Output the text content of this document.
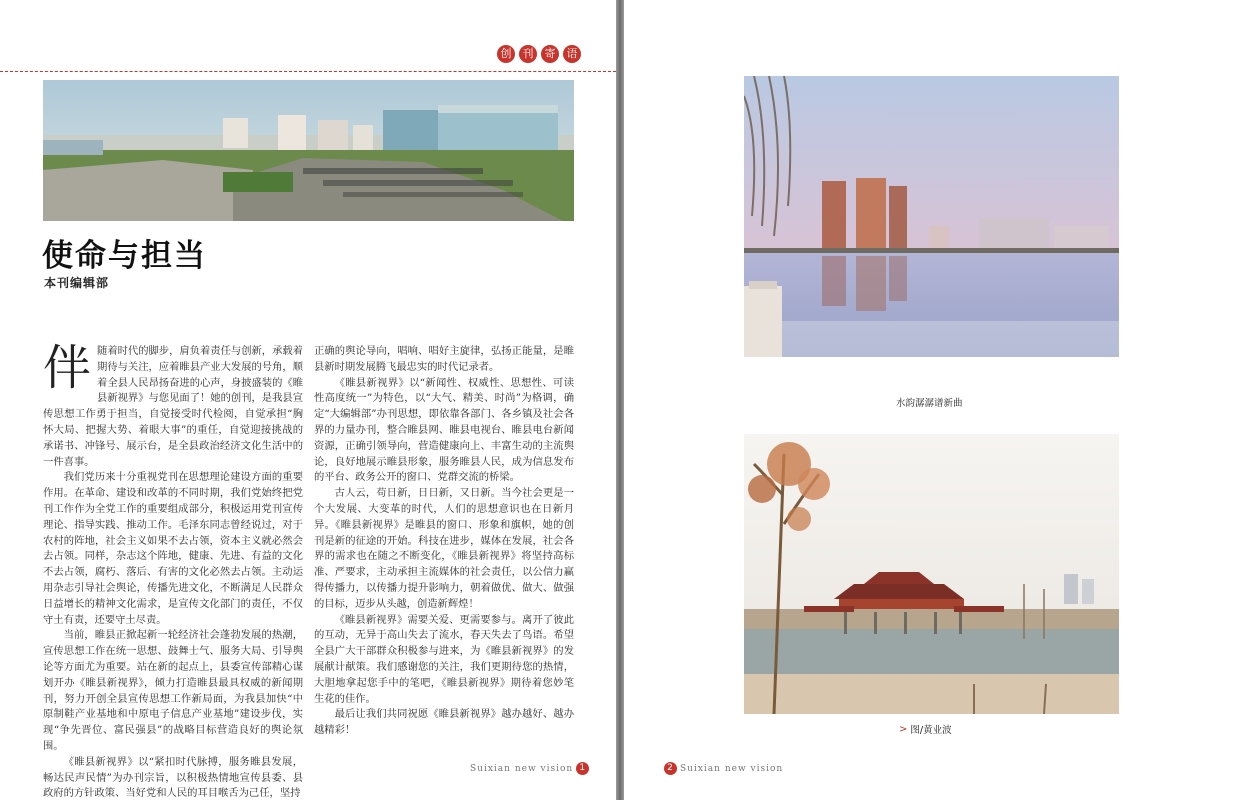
创	刊	寄	语
使命与担当
本刊编辑部
伴 随着时代的脚步，肩负着责任与创新，承载着期待与关注，应着睢县产业大发展的号角，顺着全县人民昂扬奋进的心声，身披盛装的《睢县新视界》与您见面了！她的创刊，是我县宣传思想工作勇于担当，自觉接受时代检阅，自觉承担“胸怀大局、把握大势、着眼大事”的重任，自觉迎接挑战的承诺书、冲锋号、展示台，是全县政治经济文化生活中的一件喜事。

我们党历来十分重视党刊在思想理论建设方面的重要作用。在革命、建设和改革的不同时期，我们党始终把党刊工作作为全党工作的重要组成部分，积极运用党刊宣传理论、指导实践、推动工作。毛泽东同志曾经说过，对于农村的阵地，社会主义如果不去占领，资本主义就必然会去占领。同样，杂志这个阵地，健康、先进、有益的文化不去占领，腐朽、落后、有害的文化必然去占领。主动运用杂志引导社会舆论，传播先进文化，不断满足人民群众日益增长的精神文化需求，是宣传文化部门的责任，不仅守土有责，还要守土尽责。

当前，睢县正掀起新一轮经济社会蓬勃发展的热潮，宣传思想工作在统一思想、鼓舞士气、服务大局、引导舆论等方面尤为重要。站在新的起点上，县委宣传部精心谋划开办《睢县新视界》，倾力打造睢县最具权威的新闻期刊，努力开创全县宣传思想工作新局面，为我县加快“中原制鞋产业基地和中原电子信息产业基地”建设步伐，实现“争先晋位、富民强县”的战略目标营造良好的舆论氛围。

《睢县新视界》以“紧扣时代脉搏，服务睢县发展，畅达民声民情”为办刊宗旨，以积极热情地宣传县委、县政府的方针政策、当好党和人民的耳目喉舌为己任，坚持

正确的舆论导向，唱响、唱好主旋律，弘扬正能量，是睢县新时期发展腾飞最忠实的时代记录者。

《睢县新视界》以“新闻性、权威性、思想性、可读性高度统一”为特色，以“大气、精美、时尚”为格调，确定“大编辑部”办刊思想，即依靠各部门、各乡镇及社会各界的力量办刊，整合睢县网、睢县电视台、睢县电台新闻资源，正确引领导向，营造健康向上、丰富生动的主流舆论，良好地展示睢县形象，服务睢县人民，成为信息发布的平台、政务公开的窗口、党群交流的桥梁。

古人云，苟日新，日日新，又日新。当今社会更是一个大发展、大变革的时代，人们的思想意识也在日新月异。《睢县新视界》是睢县的窗口、形象和旗帜，她的创刊是新的征途的开始。科技在进步，媒体在发展，社会各界的需求也在随之不断变化，《睢县新视界》将坚持高标准、严要求，主动承担主流媒体的社会责任，以公信力赢得传播力，以传播力提升影响力，朝着做优、做大、做强的目标，迈步从头越，创造新辉煌！

《睢县新视界》需要关爱、更需要参与。离开了彼此的互动，无异于高山失去了流水，春天失去了鸟语。希望全县广大干部群众积极参与进来，为《睢县新视界》的发展献计献策。我们感谢您的关注，我们更期待您的热情，大胆地拿起您手中的笔吧，《睢县新视界》期待着您妙笔生花的佳作。

最后让我们共同祝愿《睢县新视界》越办越好、越办越精彩！

Suixian new vision 1
水韵潺潺谱新曲
> 图/黄业波
2 Suixian new vision
